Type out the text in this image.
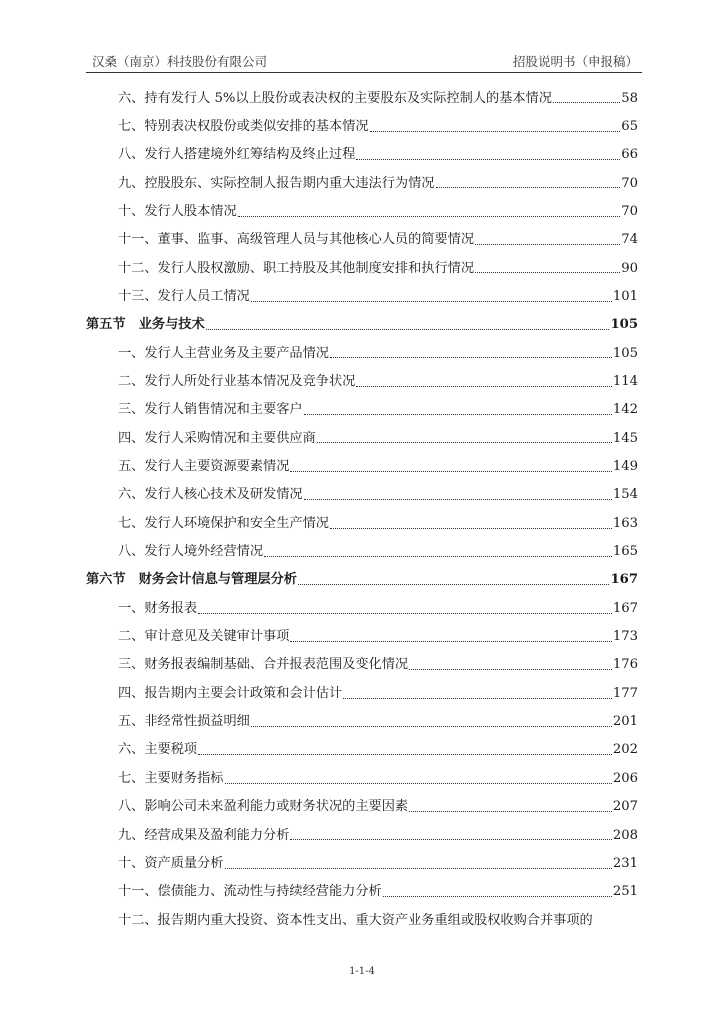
汉桑（南京）科技股份有限公司	招股说明书（申报稿）
六、持有发行人 5%以上股份或表决权的主要股东及实际控制人的基本情况	58
七、特别表决权股份或类似安排的基本情况	65
八、发行人搭建境外红筹结构及终止过程	66
九、控股股东、实际控制人报告期内重大违法行为情况	70
十、发行人股本情况	70
十一、董事、监事、高级管理人员与其他核心人员的简要情况	74
十二、发行人股权激励、职工持股及其他制度安排和执行情况	90
十三、发行人员工情况	101
第五节　业务与技术	105
一、发行人主营业务及主要产品情况	105
二、发行人所处行业基本情况及竞争状况	114
三、发行人销售情况和主要客户	142
四、发行人采购情况和主要供应商	145
五、发行人主要资源要素情况	149
六、发行人核心技术及研发情况	154
七、发行人环境保护和安全生产情况	163
八、发行人境外经营情况	165
第六节　财务会计信息与管理层分析	167
一、财务报表	167
二、审计意见及关键审计事项	173
三、财务报表编制基础、合并报表范围及变化情况	176
四、报告期内主要会计政策和会计估计	177
五、非经常性损益明细	201
六、主要税项	202
七、主要财务指标	206
八、影响公司未来盈利能力或财务状况的主要因素	207
九、经营成果及盈利能力分析	208
十、资产质量分析	231
十一、偿债能力、流动性与持续经营能力分析	251
十二、报告期内重大投资、资本性支出、重大资产业务重组或股权收购合并事项的
1-1-4
